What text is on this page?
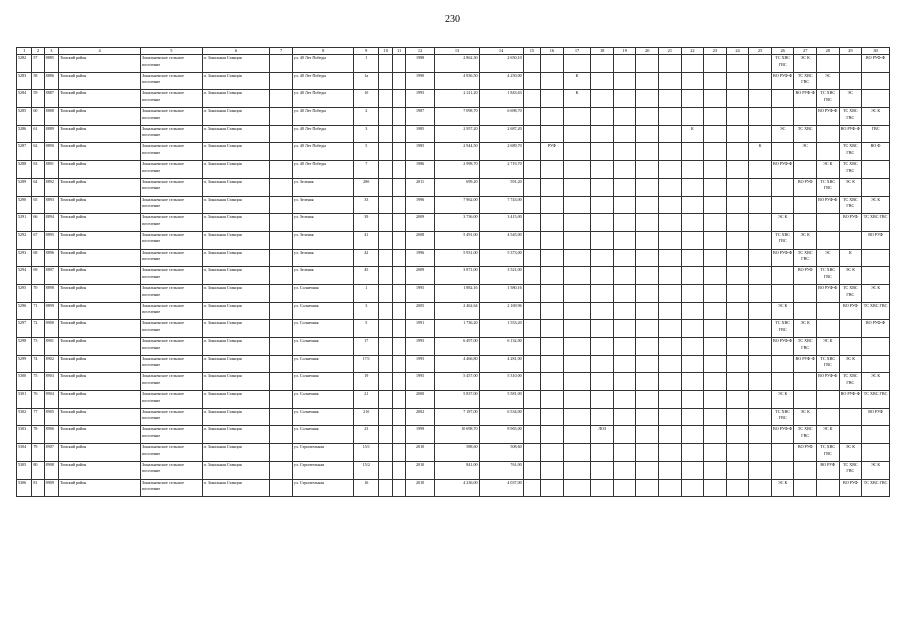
230
1	2	3	4	5	6	7	8	9	10	11	12	13	14	15	16	17	18	19	20	21	22	23	24	25	26	27	28	29	30
5282	57	8885	Томский район	Зональненское сельское поселение	п. Зональная Станция		ул. 40 Лет Победы	1			1988	2 862,30	2 650,10												ТС ХВС ГВС	ЭС К			ВО РУФ-Ф
5283	58	8886	Томский район	Зональненское сельское поселение	п. Зональная Станция		ул. 40 Лет Победы	1а			1990	4 936,50	4 250,00			К									ВО РУФ-Ф	ТС ХВС ГВС	ЭС		
5284	59	8887	Томский район	Зональненское сельское поселение	п. Зональная Станция		ул. 40 Лет Победы	1б			1995	2 211,20	1 843,63			К										ВО РУФ-Ф	ТС ХВС ГВС	ЭС	
5285	60	8888	Томский район	Зональненское сельское поселение	п. Зональная Станция		ул. 40 Лет Победы	2			1987	7 098,70	6 698,70														ВО РУФ-Ф	ТС ХВС ГВС	ЭС К
5286	61	8889	Томский район	Зональненское сельское поселение	п. Зональная Станция		ул. 40 Лет Победы	3			1985	2 957,20	2 687,20								К				ЭС	ТС ХВС		ВО РУФ-Ф	ГВС
5287	62	8890	Томский район	Зональненское сельское поселение	п. Зональная Станция		ул. 40 Лет Победы	5			1985	2 944,50	2 689,70		РУФ									К		ЭС		ТС ХВС ГВС	ВО Ф
5288	63	8891	Томский район	Зональненское сельское поселение	п. Зональная Станция		ул. 40 Лет Победы	7			1986	2 998,70	2 719,70												ВО РУФ-Ф		ЭС К	ТС ХВС ГВС	
5289	64	8892	Томский район	Зональненское сельское поселение	п. Зональная Станция		ул. Зеленая	28б			2011	699,20	591,20													ВО РУФ	ТС ХВС ГВС	ЭС К	
5290	65	8893	Томский район	Зональненское сельское поселение	п. Зональная Станция		ул. Зеленая	33			1996	7 962,00	7 743,00														ВО РУФ-Ф	ТС ХВС ГВС	ЭС К
5291	66	8894	Томский район	Зональненское сельское поселение	п. Зональная Станция		ул. Зеленая	39			2009	3 736,00	3 415,00												ЭС К			ВО РУФ	ТС ХВС ГВС
5292	67	8895	Томский район	Зональненское сельское поселение	п. Зональная Станция		ул. Зеленая	41			2008	5 491,00	4 545,00												ТС ХВС ГВС	ЭС К			ВО РУФ
5293	68	8896	Томский район	Зональненское сельское поселение	п. Зональная Станция		ул. Зеленая	42			1996	5 931,00	5 373,00												ВО РУФ-Ф	ТС ХВС ГВС	ЭС	К	
5294	69	8897	Томский район	Зональненское сельское поселение	п. Зональная Станция		ул. Зеленая	45			2009	3 871,00	3 521,00													ВО РУФ	ТС ХВС ГВС	ЭС К	
5295	70	8898	Томский район	Зональненское сельское поселение	п. Зональная Станция		ул. Солнечная	1			1995	1 882,16	1 580,16														ВО РУФ-Ф	ТС ХВС ГВС	ЭС К
5296	71	8899	Томский район	Зональненское сельское поселение	п. Зональная Станция		ул. Солнечная	3			2005	2 462,64	2 169,96												ЭС К			ВО РУФ	ТС ХВС ГВС
5297	72	8900	Томский район	Зональненское сельское поселение	п. Зональная Станция		ул. Солнечная	5			1991	1 736,20	1 553,20												ТС ХВС ГВС	ЭС К			ВО РУФ-Ф
5298	73	8901	Томский район	Зональненское сельское поселение	п. Зональная Станция		ул. Солнечная	17			1995	6 497,00	6 132,00												ВО РУФ-Ф	ТС ХВС ГВС	ЭС К		
5299	74	8902	Томский район	Зональненское сельское поселение	п. Зональная Станция		ул. Солнечная	17/1			1995	4 466,80	4 281,00													ВО РУФ-Ф	ТС ХВС ГВС	ЭС К	
5300	75	8903	Томский район	Зональненское сельское поселение	п. Зональная Станция		ул. Солнечная	19			1995	5 457,00	5 310,00														ВО РУФ-Ф	ТС ХВС ГВС	ЭС К
5301	76	8904	Томский район	Зональненское сельское поселение	п. Зональная Станция		ул. Солнечная	21			2000	5 837,00	5 581,00												ЭС К			ВО РУФ-Ф	ТС ХВС ГВС
5302	77	8905	Томский район	Зональненское сельское поселение	п. Зональная Станция		ул. Солнечная	21б			2002	7 187,00	6 534,00												ТС ХВС ГВС	ЭС К			ВО РУФ
5303	78	8906	Томский район	Зональненское сельское поселение	п. Зональная Станция		ул. Солнечная	23			1999	10 698,70	8 965,00				ЛОЗ								ВО РУФ-Ф	ТС ХВС ГВС	ЭС К		
5304	79	8907	Томский район	Зональненское сельское поселение	п. Зональная Станция		ул. Строительная	15/1			2010	588,60	508,60													ВО РУФ	ТС ХВС ГВС	ЭС К	
5305	80	8908	Томский район	Зональненское сельское поселение	п. Зональная Станция		ул. Строительная	15/2			2010	841,00	761,00														ВО РУФ	ТС ХВС ГВС	ЭС К
5306	81	8909	Томский район	Зональненское сельское поселение	п. Зональная Станция		ул. Строительная	16			2010	4 236,00	4 037,00												ЭС К			ВО РУФ	ТС ХВС ГВС
